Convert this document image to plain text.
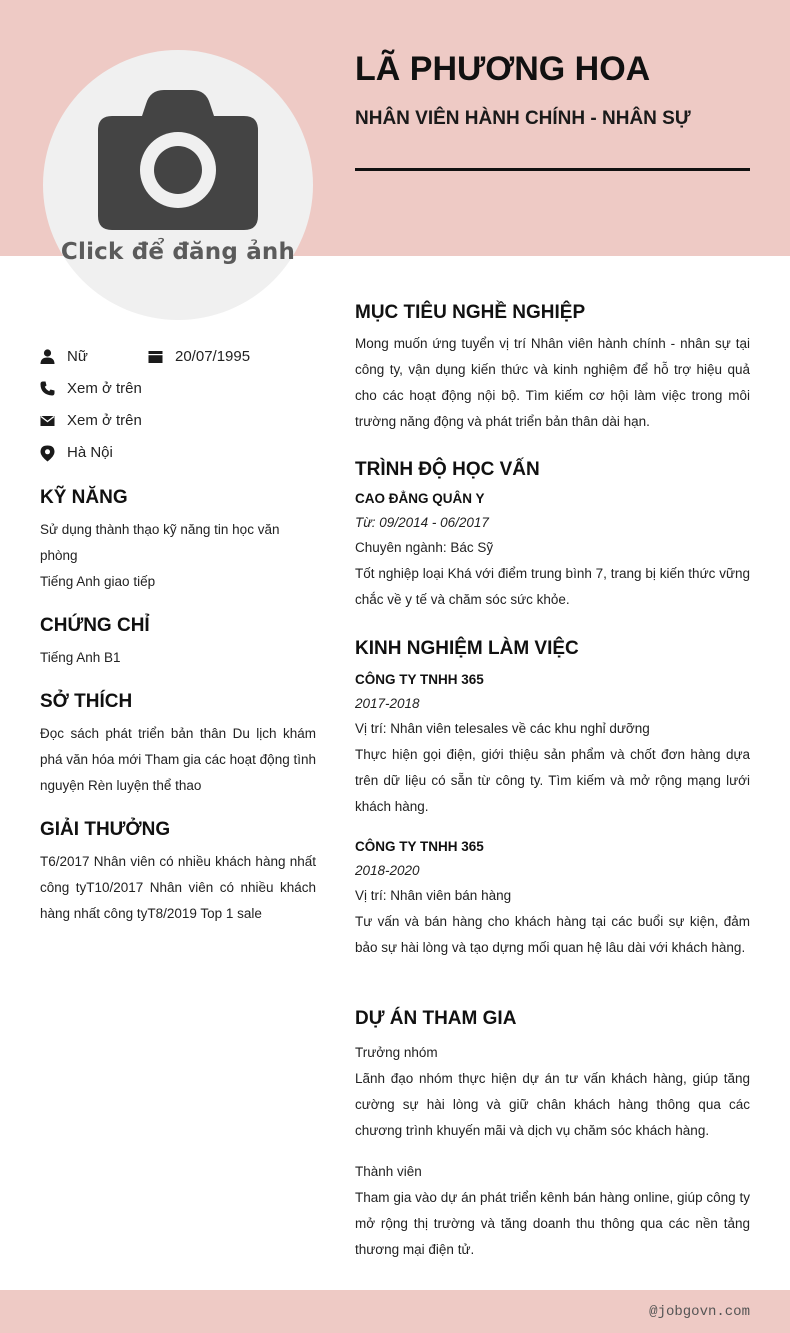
Click để đăng ảnh
LÃ PHƯƠNG HOA
NHÂN VIÊN HÀNH CHÍNH - NHÂN SỰ
Nữ	20/07/1995
Xem ở trên
Xem ở trên
Hà Nội
KỸ NĂNG
Sử dụng thành thạo kỹ năng tin học văn phòng
Tiếng Anh giao tiếp
CHỨNG CHỈ
Tiếng Anh B1
SỞ THÍCH
Đọc sách phát triển bản thân Du lịch khám phá văn hóa mới Tham gia các hoạt động tình nguyện Rèn luyện thể thao
GIẢI THƯỞNG
T6/2017 Nhân viên có nhiều khách hàng nhất công tyT10/2017 Nhân viên có nhiều khách hàng nhất công tyT8/2019 Top 1 sale
MỤC TIÊU NGHỀ NGHIỆP
Mong muốn ứng tuyển vị trí Nhân viên hành chính - nhân sự tại công ty, vận dụng kiến thức và kinh nghiệm để hỗ trợ hiệu quả cho các hoạt động nội bộ. Tìm kiếm cơ hội làm việc trong môi trường năng động và phát triển bản thân dài hạn.
TRÌNH ĐỘ HỌC VẤN
CAO ĐẲNG QUÂN Y
Từ: 09/2014 - 06/2017
Chuyên ngành: Bác Sỹ
Tốt nghiệp loại Khá với điểm trung bình 7, trang bị kiến thức vững chắc về y tế và chăm sóc sức khỏe.
KINH NGHIỆM LÀM VIỆC
CÔNG TY TNHH 365
2017-2018
Vị trí: Nhân viên telesales về các khu nghỉ dưỡng
Thực hiện gọi điện, giới thiệu sản phẩm và chốt đơn hàng dựa trên dữ liệu có sẵn từ công ty. Tìm kiếm và mở rộng mạng lưới khách hàng.
CÔNG TY TNHH 365
2018-2020
Vị trí: Nhân viên bán hàng
Tư vấn và bán hàng cho khách hàng tại các buổi sự kiện, đảm bảo sự hài lòng và tạo dựng mối quan hệ lâu dài với khách hàng.
DỰ ÁN THAM GIA
Trưởng nhóm
Lãnh đạo nhóm thực hiện dự án tư vấn khách hàng, giúp tăng cường sự hài lòng và giữ chân khách hàng thông qua các chương trình khuyến mãi và dịch vụ chăm sóc khách hàng.
Thành viên
Tham gia vào dự án phát triển kênh bán hàng online, giúp công ty mở rộng thị trường và tăng doanh thu thông qua các nền tảng thương mại điện tử.
@jobgovn.com
